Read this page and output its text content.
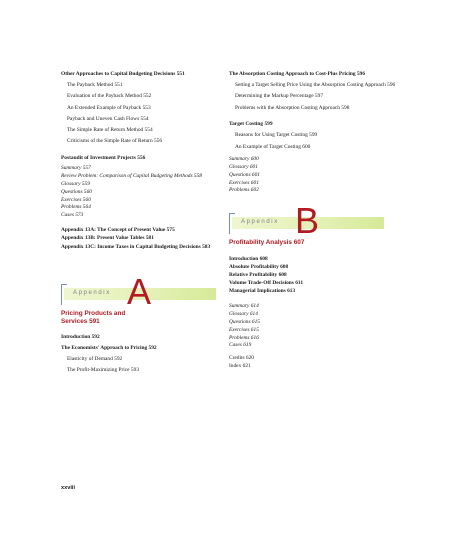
Other Approaches to Capital Budgeting Decisions 551
The Payback Method 551
Evaluation of the Payback Method 552
An Extended Example of Payback 553
Payback and Uneven Cash Flows 554
The Simple Rate of Return Method 554
Criticisms of the Simple Rate of Return 556
Postaudit of Investment Projects 556
Summary 557
Review Problem: Comparison of Capital Budgeting Methods 558
Glossary 559
Questions 560
Exercises 560
Problems 564
Cases 573
Appendix 13A: The Concept of Present Value 575
Appendix 13B: Present Value Tables 581
Appendix 13C: Income Taxes in Capital Budgeting Decisions 583
Appendix A
Pricing Products and Services 591
Introduction 592
The Economists' Approach to Pricing 592
Elasticity of Demand 592
The Profit-Maximizing Price 593
The Absorption Costing Approach to Cost-Plus Pricing 596
Setting a Target Selling Price Using the Absorption Costing Approach 596
Determining the Markup Percentage 597
Problems with the Absorption Costing Approach 598
Target Costing 599
Reasons for Using Target Costing 599
An Example of Target Costing 600
Summary 600
Glossary 601
Questions 601
Exercises 601
Problems 602
Appendix B
Profitability Analysis 607
Introduction 608
Absolute Profitability 608
Relative Profitability 608
Volume Trade-Off Decisions 611
Managerial Implications 613
Summary 614
Glossary 614
Questions 615
Exercises 615
Problems 616
Cases 619
Credits 620
Index 621
xxviii
